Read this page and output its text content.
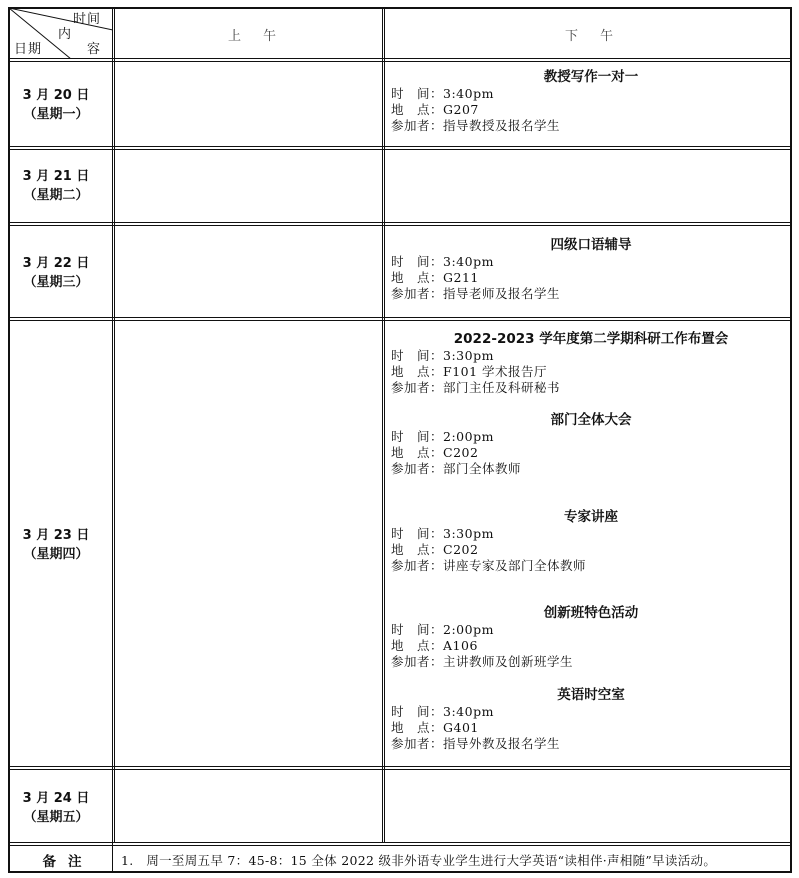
时间
内
容
日期
上午	下午
3 月 20 日
（星期一）
教授写作一对一
时　间：3:40pm
地　点：G207
参加者：指导教授及报名学生
3 月 21 日
（星期二）
3 月 22 日
（星期三）
四级口语辅导
时　间：3:40pm
地　点：G211
参加者：指导老师及报名学生
3 月 23 日
（星期四）
2022-2023 学年度第二学期科研工作布置会
时　间：3:30pm
地　点：F101 学术报告厅
参加者：部门主任及科研秘书
部门全体大会
时　间：2:00pm
地　点：C202
参加者：部门全体教师
专家讲座
时　间：3:30pm
地　点：C202
参加者：讲座专家及部门全体教师
创新班特色活动
时　间：2:00pm
地　点：A106
参加者：主讲教师及创新班学生
英语时空室
时　间：3:40pm
地　点：G401
参加者：指导外教及报名学生
3 月 24 日
（星期五）
备注	1.　周一至周五早 7：45-8：15 全体 2022 级非外语专业学生进行大学英语“读相伴·声相随”早读活动。
